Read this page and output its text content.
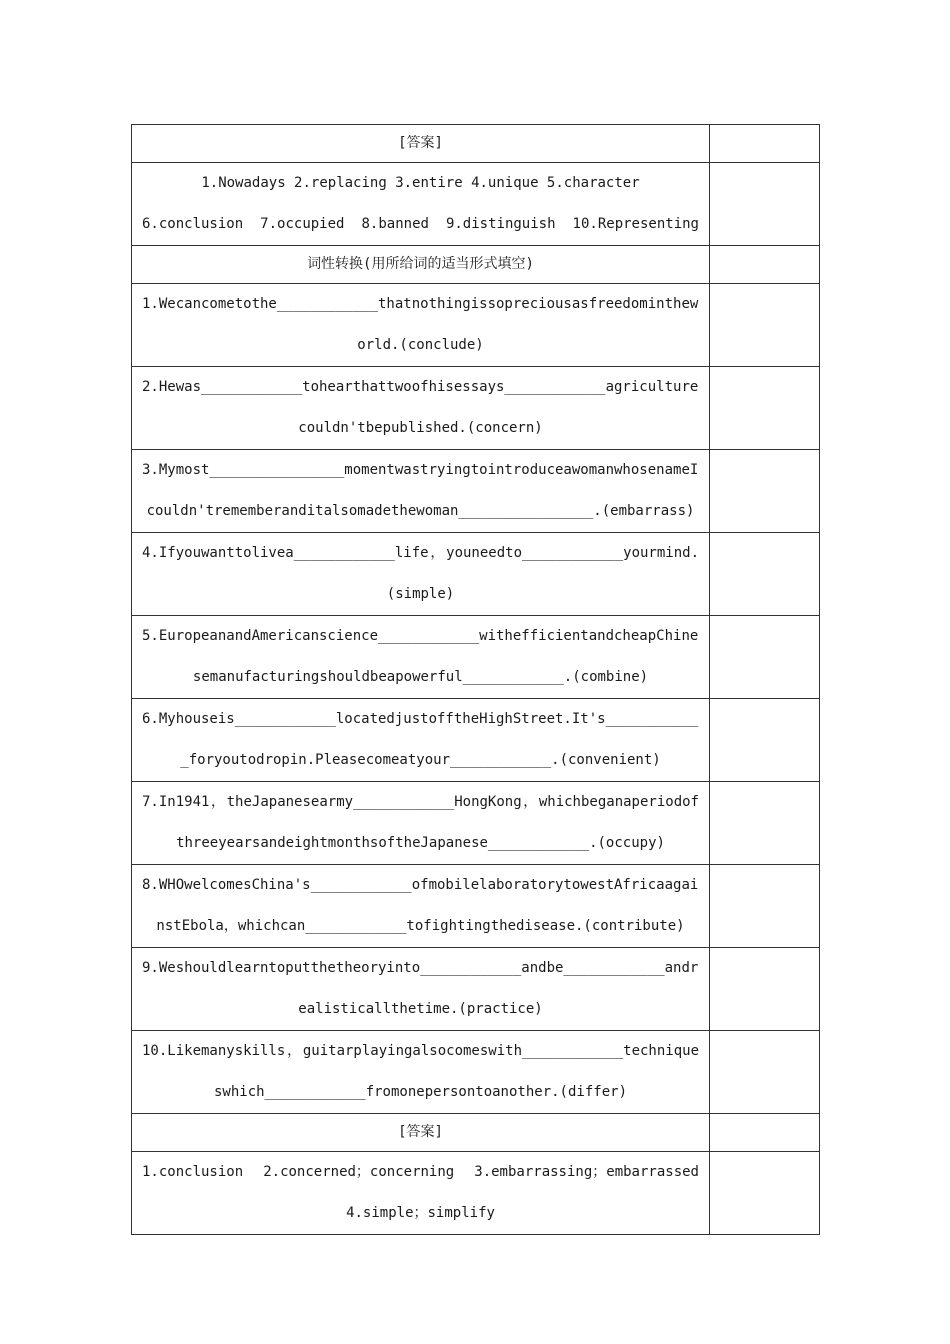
[答案]	

1.Nowadays 2.replacing 3.entire 4.unique 5.character
6.conclusion 7.occupied 8.banned 9.distinguish 10.Representing	

词性转换(用所给词的适当形式填空)	

1.Wecancometothe____________thatnothingissopreciousasfreedominthew
orld.(conclude)	

2.Hewas____________tohearthattwoofhisessays____________agriculture
couldn'tbepublished.(concern)	

3.Mymost________________momentwastryingtointroduceawomanwhosenameI
couldn'trememberanditalsomadethewoman________________.(embarrass)	

4.Ifyouwanttolivea____________life，youneedto____________yourmind.
(simple)	

5.EuropeanandAmericanscience____________withefficientandcheapChine
semanufacturingshouldbeapowerful____________.(combine)	

6.Myhouseis____________locatedjustofftheHighStreet.It's___________
_foryoutodropin.Pleasecomeatyour____________.(convenient)	

7.In1941，theJapanesearmy____________HongKong，whichbeganaperiodof
threeyearsandeightmonthsoftheJapanese____________.(occupy)	

8.WHOwelcomesChina's____________ofmobilelaboratorytowestAfricaagai
nstEbola，whichcan____________tofightingthedisease.(contribute)	

9.Weshouldlearntoputthetheoryinto____________andbe____________andr
ealisticallthetime.(practice)	

10.Likemanyskills，guitarplayingalsocomeswith____________technique
swhich____________fromonepersontoanother.(differ)	

[答案]	

1.conclusion 2.concerned；concerning 3.embarrassing；embarrassed
4.simple；simplify	
